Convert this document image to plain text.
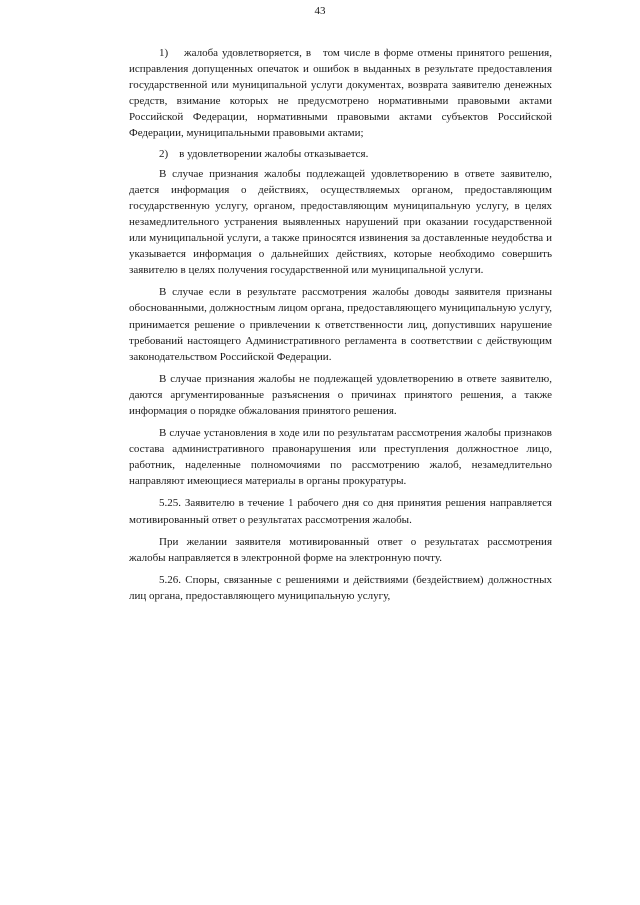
43

1)    жалоба удовлетворяется, в   том числе в форме отмены принятого решения, исправления допущенных опечаток и ошибок в выданных в результате предоставления государственной или муниципальной услуги документах, возврата заявителю денежных средств, взимание которых не предусмотрено нормативными правовыми актами Российской Федерации, нормативными правовыми актами субъектов Российской Федерации, муниципальными правовыми актами;

2)    в удовлетворении жалобы отказывается.

В случае признания жалобы подлежащей удовлетворению в ответе заявителю, дается информация о действиях, осуществляемых органом, предоставляющим государственную услугу, органом, предоставляющим муниципальную услугу, в целях незамедлительного устранения выявленных нарушений при оказании государственной или муниципальной услуги, а также приносятся извинения за доставленные неудобства и указывается информация о дальнейших действиях, которые необходимо совершить заявителю в целях получения государственной или муниципальной услуги.

В случае если в результате рассмотрения жалобы доводы заявителя признаны обоснованными, должностным лицом органа, предоставляющего муниципальную услугу, принимается решение о привлечении к ответственности лиц, допустивших нарушение требований настоящего Административного регламента в соответствии с действующим законодательством Российской Федерации.

В случае признания жалобы не подлежащей удовлетворению в ответе заявителю, даются аргументированные разъяснения о причинах принятого решения, а также информация о порядке обжалования принятого решения.

В случае установления в ходе или по результатам рассмотрения жалобы признаков состава административного правонарушения или преступления должностное лицо, работник, наделенные полномочиями по рассмотрению жалоб, незамедлительно направляют имеющиеся материалы в органы прокуратуры.

5.25. Заявителю в течение 1 рабочего дня со дня принятия решения направляется мотивированный ответ о результатах рассмотрения жалобы.

При желании заявителя мотивированный ответ о результатах рассмотрения жалобы направляется в электронной форме на электронную почту.

5.26. Споры, связанные с решениями и действиями (бездействием) должностных лиц органа, предоставляющего муниципальную услугу,
